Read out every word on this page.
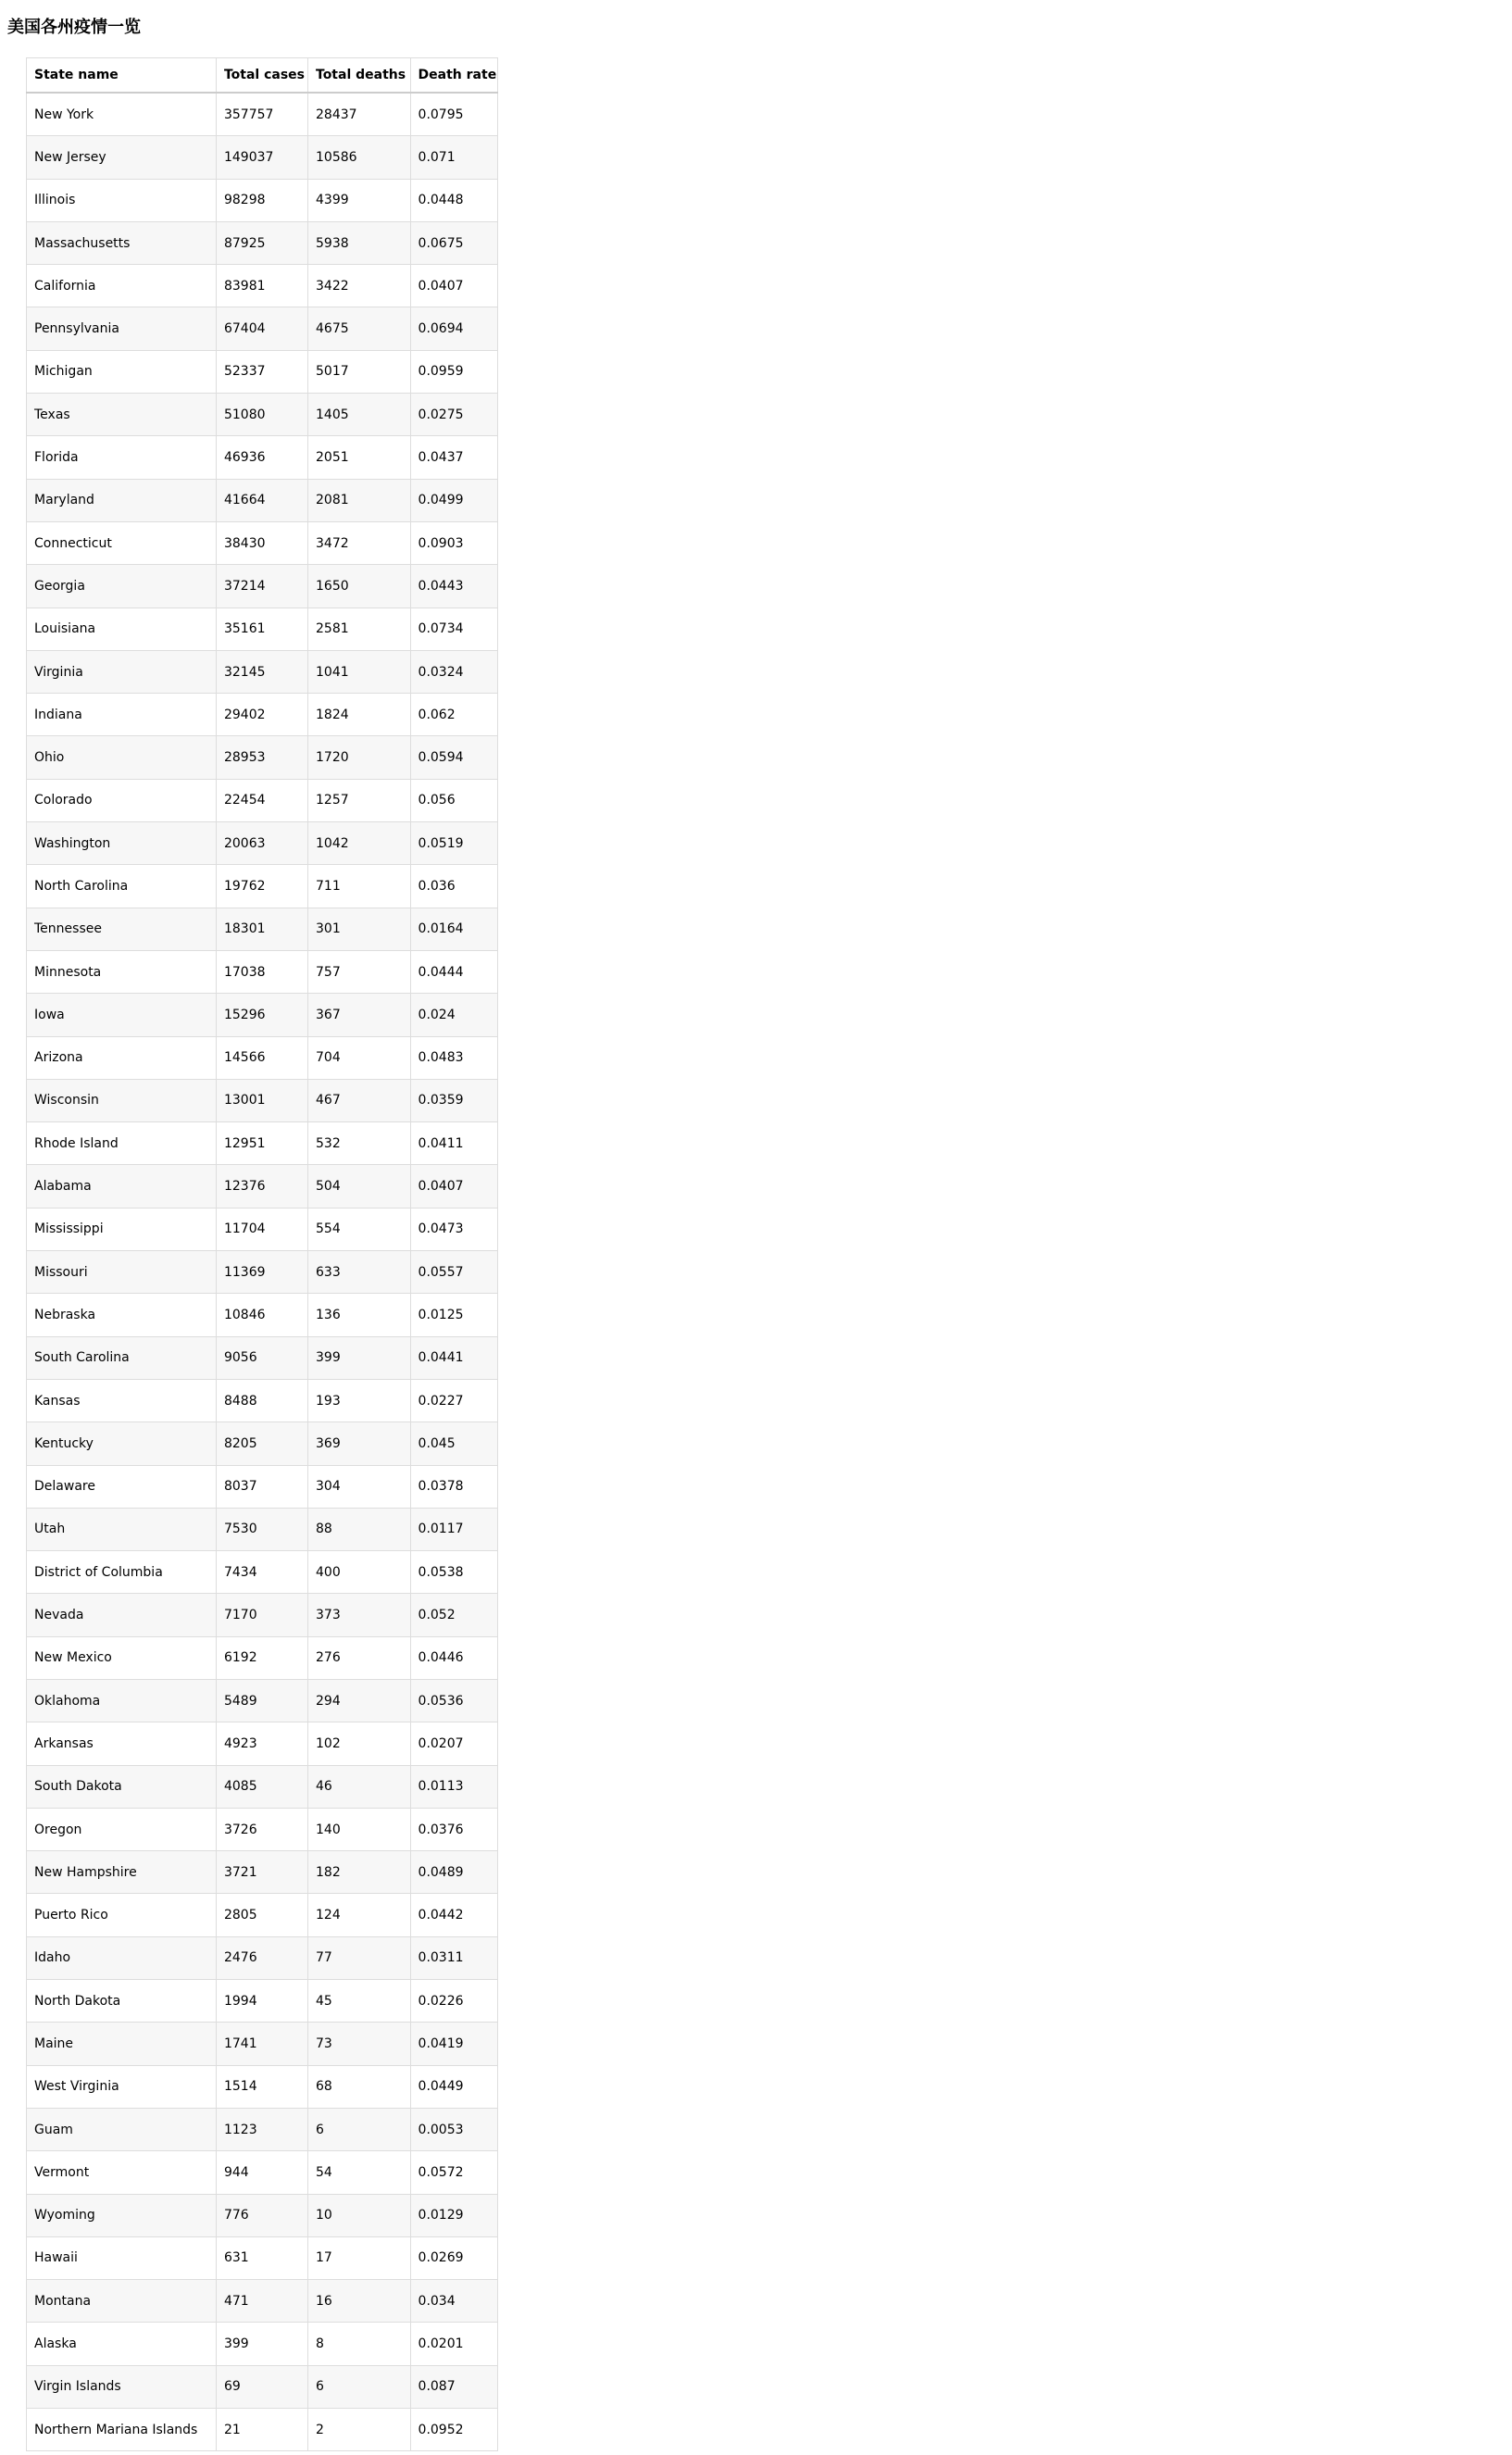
美国各州疫情一览
State name	Total cases	Total deaths	Death rate
New York	357757	28437	0.0795
New Jersey	149037	10586	0.071
Illinois	98298	4399	0.0448
Massachusetts	87925	5938	0.0675
California	83981	3422	0.0407
Pennsylvania	67404	4675	0.0694
Michigan	52337	5017	0.0959
Texas	51080	1405	0.0275
Florida	46936	2051	0.0437
Maryland	41664	2081	0.0499
Connecticut	38430	3472	0.0903
Georgia	37214	1650	0.0443
Louisiana	35161	2581	0.0734
Virginia	32145	1041	0.0324
Indiana	29402	1824	0.062
Ohio	28953	1720	0.0594
Colorado	22454	1257	0.056
Washington	20063	1042	0.0519
North Carolina	19762	711	0.036
Tennessee	18301	301	0.0164
Minnesota	17038	757	0.0444
Iowa	15296	367	0.024
Arizona	14566	704	0.0483
Wisconsin	13001	467	0.0359
Rhode Island	12951	532	0.0411
Alabama	12376	504	0.0407
Mississippi	11704	554	0.0473
Missouri	11369	633	0.0557
Nebraska	10846	136	0.0125
South Carolina	9056	399	0.0441
Kansas	8488	193	0.0227
Kentucky	8205	369	0.045
Delaware	8037	304	0.0378
Utah	7530	88	0.0117
District of Columbia	7434	400	0.0538
Nevada	7170	373	0.052
New Mexico	6192	276	0.0446
Oklahoma	5489	294	0.0536
Arkansas	4923	102	0.0207
South Dakota	4085	46	0.0113
Oregon	3726	140	0.0376
New Hampshire	3721	182	0.0489
Puerto Rico	2805	124	0.0442
Idaho	2476	77	0.0311
North Dakota	1994	45	0.0226
Maine	1741	73	0.0419
West Virginia	1514	68	0.0449
Guam	1123	6	0.0053
Vermont	944	54	0.0572
Wyoming	776	10	0.0129
Hawaii	631	17	0.0269
Montana	471	16	0.034
Alaska	399	8	0.0201
Virgin Islands	69	6	0.087
Northern Mariana Islands	21	2	0.0952
